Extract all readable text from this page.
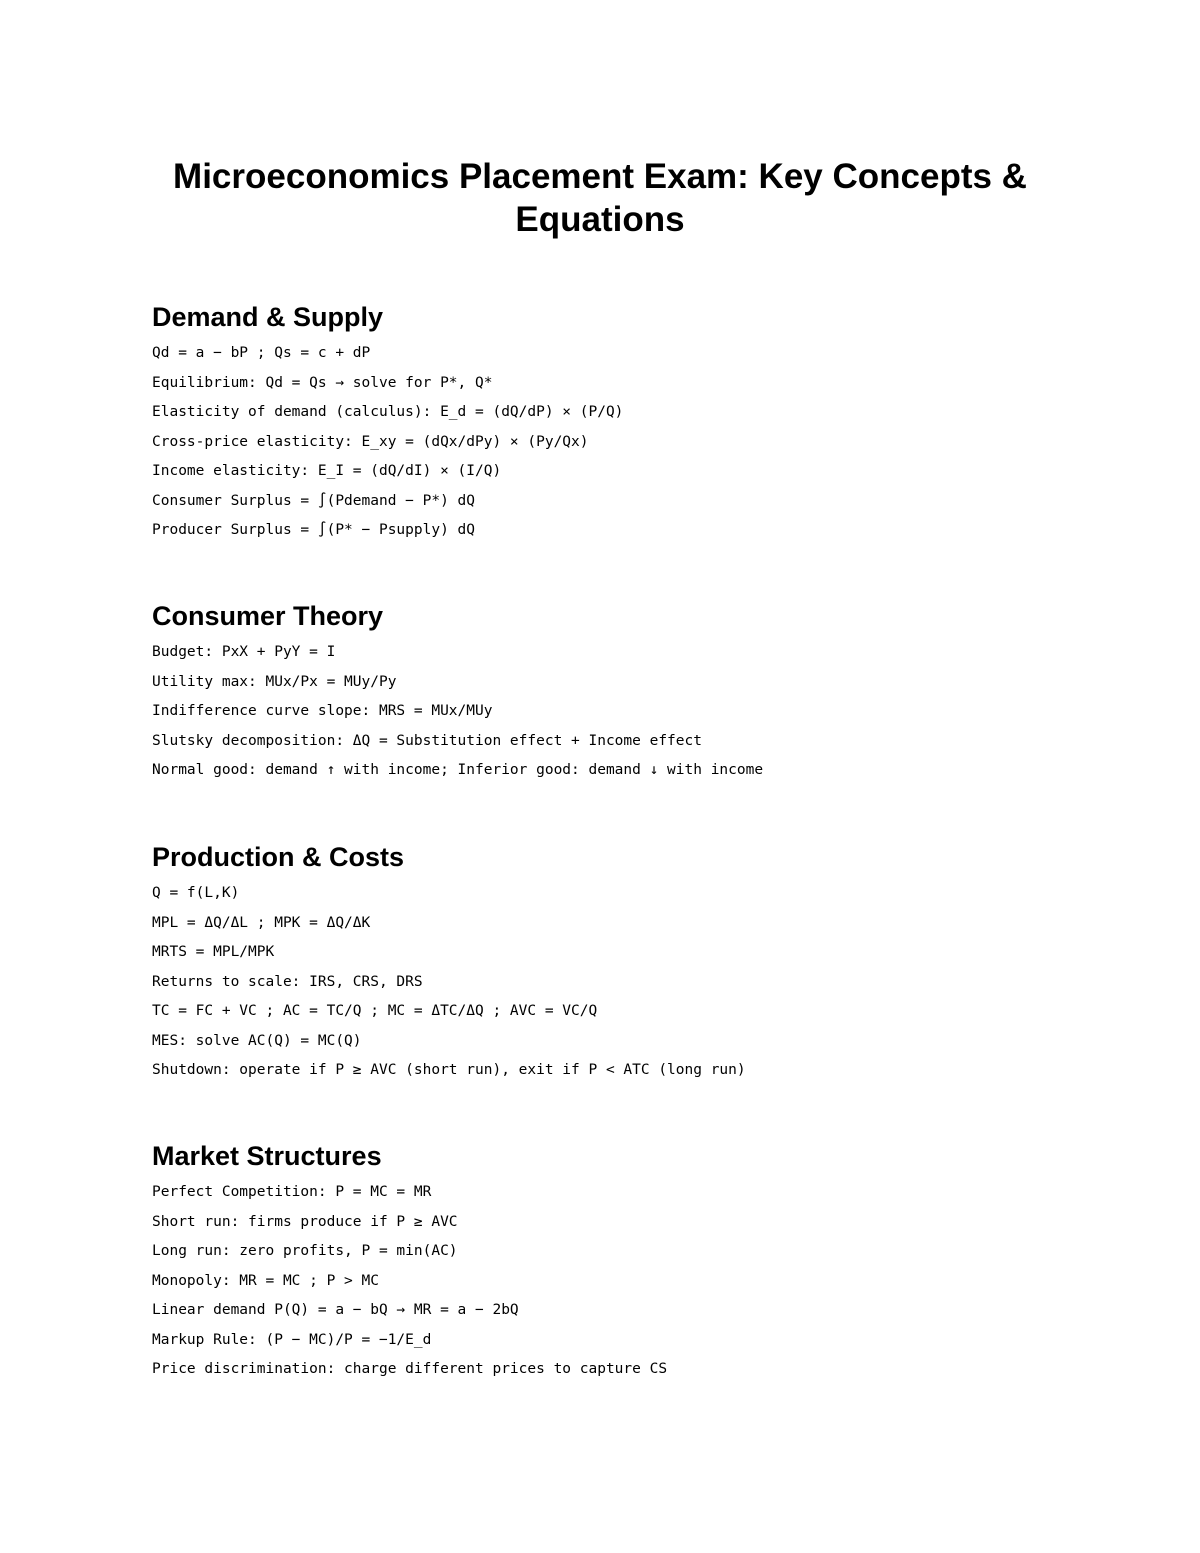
Microeconomics Placement Exam: Key Concepts & Equations
Demand & Supply
Qd = a − bP ; Qs = c + dP
Equilibrium: Qd = Qs → solve for P*, Q*
Elasticity of demand (calculus): E_d = (dQ/dP) × (P/Q)
Cross-price elasticity: E_xy = (dQx/dPy) × (Py/Qx)
Income elasticity: E_I = (dQ/dI) × (I/Q)
Consumer Surplus = ∫(Pdemand − P*) dQ
Producer Surplus = ∫(P* − Psupply) dQ
Consumer Theory
Budget: PxX + PyY = I
Utility max: MUx/Px = MUy/Py
Indifference curve slope: MRS = MUx/MUy
Slutsky decomposition: ΔQ = Substitution effect + Income effect
Normal good: demand ↑ with income; Inferior good: demand ↓ with income
Production & Costs
Q = f(L,K)
MPL = ΔQ/ΔL ; MPK = ΔQ/ΔK
MRTS = MPL/MPK
Returns to scale: IRS, CRS, DRS
TC = FC + VC ; AC = TC/Q ; MC = ΔTC/ΔQ ; AVC = VC/Q
MES: solve AC(Q) = MC(Q)
Shutdown: operate if P ≥ AVC (short run), exit if P < ATC (long run)
Market Structures
Perfect Competition: P = MC = MR
Short run: firms produce if P ≥ AVC
Long run: zero profits, P = min(AC)
Monopoly: MR = MC ; P > MC
Linear demand P(Q) = a − bQ → MR = a − 2bQ
Markup Rule: (P − MC)/P = −1/E_d
Price discrimination: charge different prices to capture CS
